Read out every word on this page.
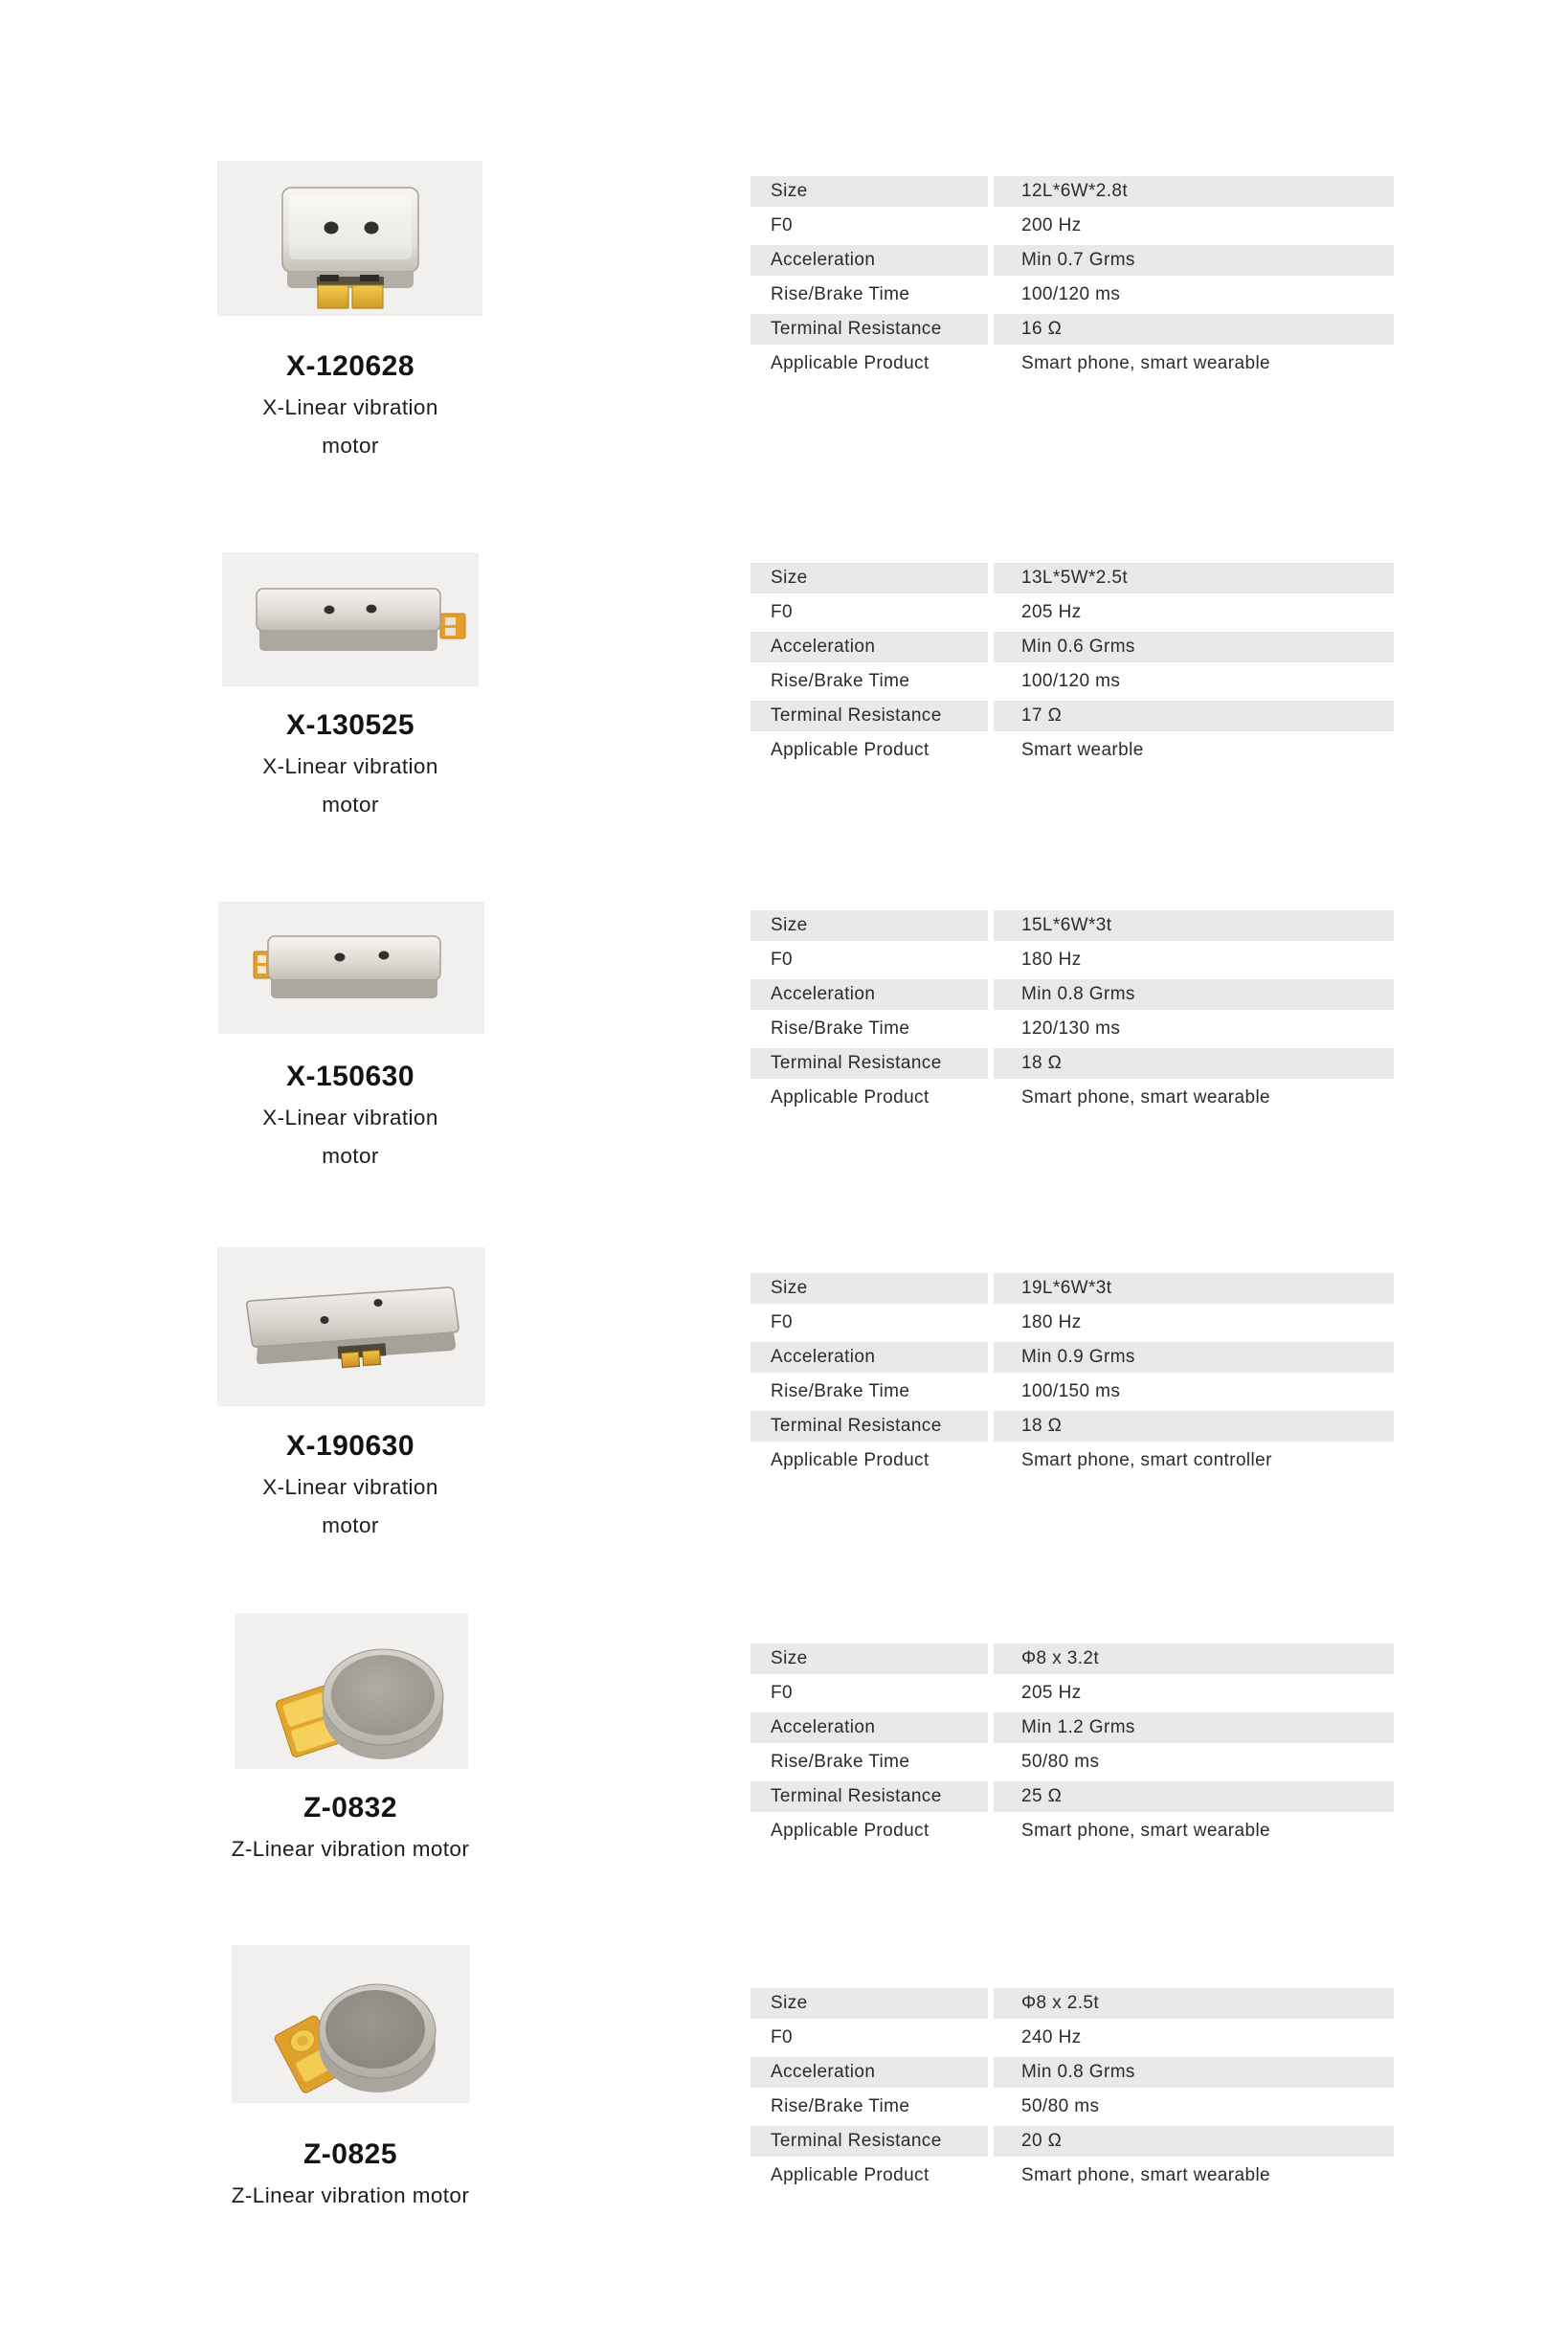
X-120628
X-Linear vibration
motor
Size	12L*6W*2.8t
F0	200 Hz
Acceleration	Min 0.7 Grms
Rise/Brake Time	100/120 ms
Terminal Resistance	16 Ω
Applicable Product	Smart phone, smart wearable
X-130525
X-Linear vibration
motor
Size	13L*5W*2.5t
F0	205 Hz
Acceleration	Min 0.6 Grms
Rise/Brake Time	100/120 ms
Terminal Resistance	17 Ω
Applicable Product	Smart wearble
X-150630
X-Linear vibration
motor
Size	15L*6W*3t
F0	180 Hz
Acceleration	Min 0.8 Grms
Rise/Brake Time	120/130 ms
Terminal Resistance	18 Ω
Applicable Product	Smart phone, smart wearable
X-190630
X-Linear vibration
motor
Size	19L*6W*3t
F0	180 Hz
Acceleration	Min 0.9 Grms
Rise/Brake Time	100/150 ms
Terminal Resistance	18 Ω
Applicable Product	Smart phone, smart controller
Z-0832
Z-Linear vibration motor
Size	Φ8 x 3.2t
F0	205 Hz
Acceleration	Min 1.2 Grms
Rise/Brake Time	50/80 ms
Terminal Resistance	25 Ω
Applicable Product	Smart phone, smart wearable
Z-0825
Z-Linear vibration motor
Size	Φ8 x 2.5t
F0	240 Hz
Acceleration	Min 0.8 Grms
Rise/Brake Time	50/80 ms
Terminal Resistance	20 Ω
Applicable Product	Smart phone, smart wearable
